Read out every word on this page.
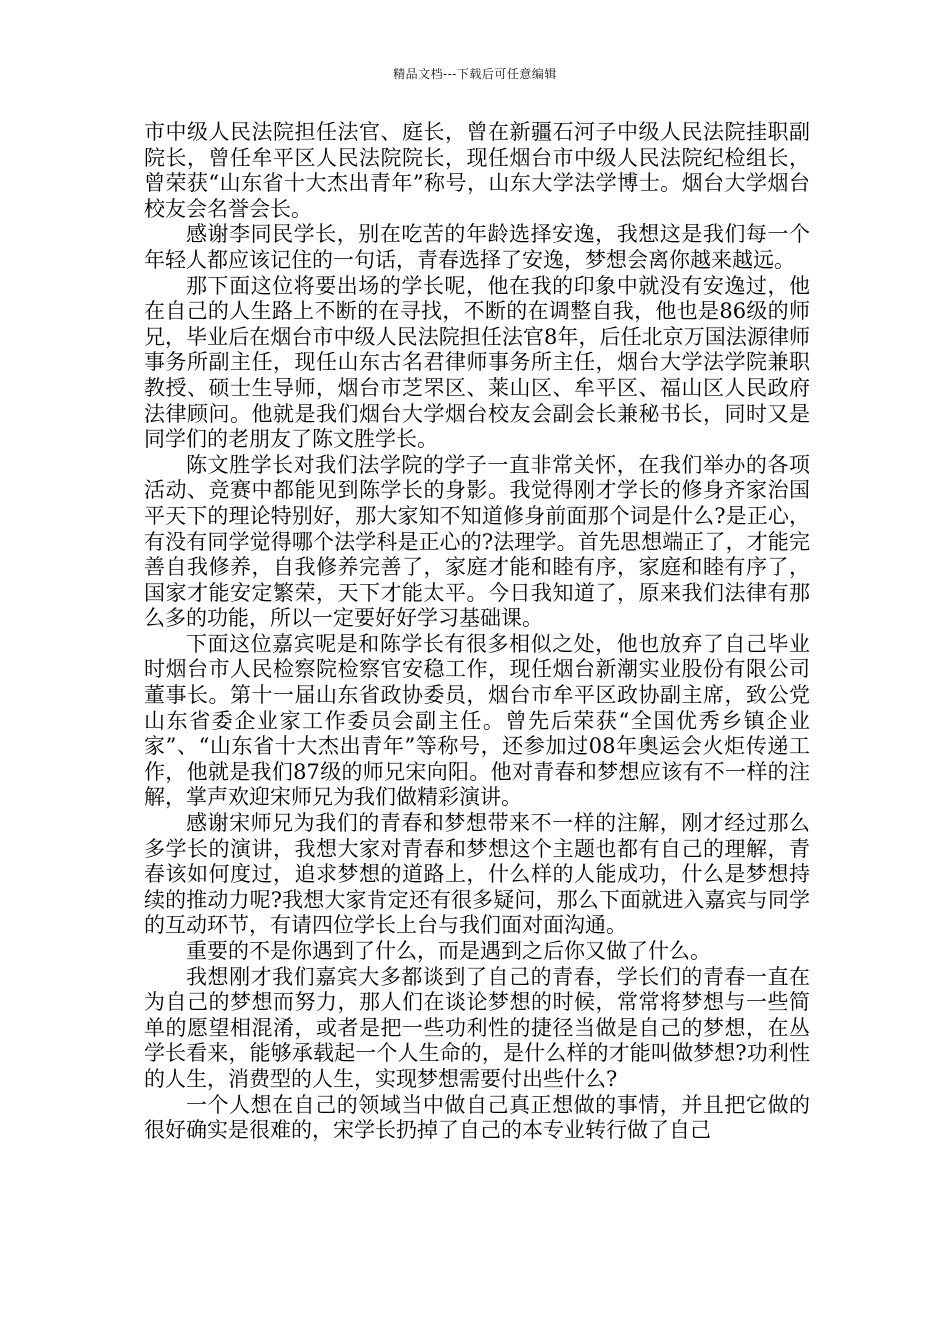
精品文档---下载后可任意编辑

市中级人民法院担任法官、庭长，曾在新疆石河子中级人民法院挂职副院长，曾任牟平区人民法院院长，现任烟台市中级人民法院纪检组长，曾荣获“山东省十大杰出青年”称号，山东大学法学博士。烟台大学烟台校友会名誉会长。

感谢李同民学长，别在吃苦的年龄选择安逸，我想这是我们每一个年轻人都应该记住的一句话，青春选择了安逸，梦想会离你越来越远。

那下面这位将要出场的学长呢，他在我的印象中就没有安逸过，他在自己的人生路上不断的在寻找，不断的在调整自我，他也是86级的师兄，毕业后在烟台市中级人民法院担任法官8年，后任北京万国法源律师事务所副主任，现任山东古名君律师事务所主任，烟台大学法学院兼职教授、硕士生导师，烟台市芝罘区、莱山区、牟平区、福山区人民政府法律顾问。他就是我们烟台大学烟台校友会副会长兼秘书长，同时又是同学们的老朋友了陈文胜学长。

陈文胜学长对我们法学院的学子一直非常关怀，在我们举办的各项活动、竞赛中都能见到陈学长的身影。我觉得刚才学长的修身齐家治国平天下的理论特别好，那大家知不知道修身前面那个词是什么?是正心，有没有同学觉得哪个法学科是正心的?法理学。首先思想端正了，才能完善自我修养，自我修养完善了，家庭才能和睦有序，家庭和睦有序了，国家才能安定繁荣，天下才能太平。今日我知道了，原来我们法律有那么多的功能，所以一定要好好学习基础课。

下面这位嘉宾呢是和陈学长有很多相似之处，他也放弃了自己毕业时烟台市人民检察院检察官安稳工作，现任烟台新潮实业股份有限公司董事长。第十一届山东省政协委员，烟台市牟平区政协副主席，致公党山东省委企业家工作委员会副主任。曾先后荣获“全国优秀乡镇企业家”、“山东省十大杰出青年”等称号，还参加过08年奥运会火炬传递工作，他就是我们87级的师兄宋向阳。他对青春和梦想应该有不一样的注解，掌声欢迎宋师兄为我们做精彩演讲。

感谢宋师兄为我们的青春和梦想带来不一样的注解，刚才经过那么多学长的演讲，我想大家对青春和梦想这个主题也都有自己的理解，青春该如何度过，追求梦想的道路上，什么样的人能成功，什么是梦想持续的推动力呢?我想大家肯定还有很多疑问，那么下面就进入嘉宾与同学的互动环节，有请四位学长上台与我们面对面沟通。

重要的不是你遇到了什么，而是遇到之后你又做了什么。

我想刚才我们嘉宾大多都谈到了自己的青春，学长们的青春一直在为自己的梦想而努力，那人们在谈论梦想的时候，常常将梦想与一些简单的愿望相混淆，或者是把一些功利性的捷径当做是自己的梦想，在丛学长看来，能够承载起一个人生命的，是什么样的才能叫做梦想?功利性的人生，消费型的人生，实现梦想需要付出些什么?

一个人想在自己的领域当中做自己真正想做的事情，并且把它做的很好确实是很难的，宋学长扔掉了自己的本专业转行做了自己
